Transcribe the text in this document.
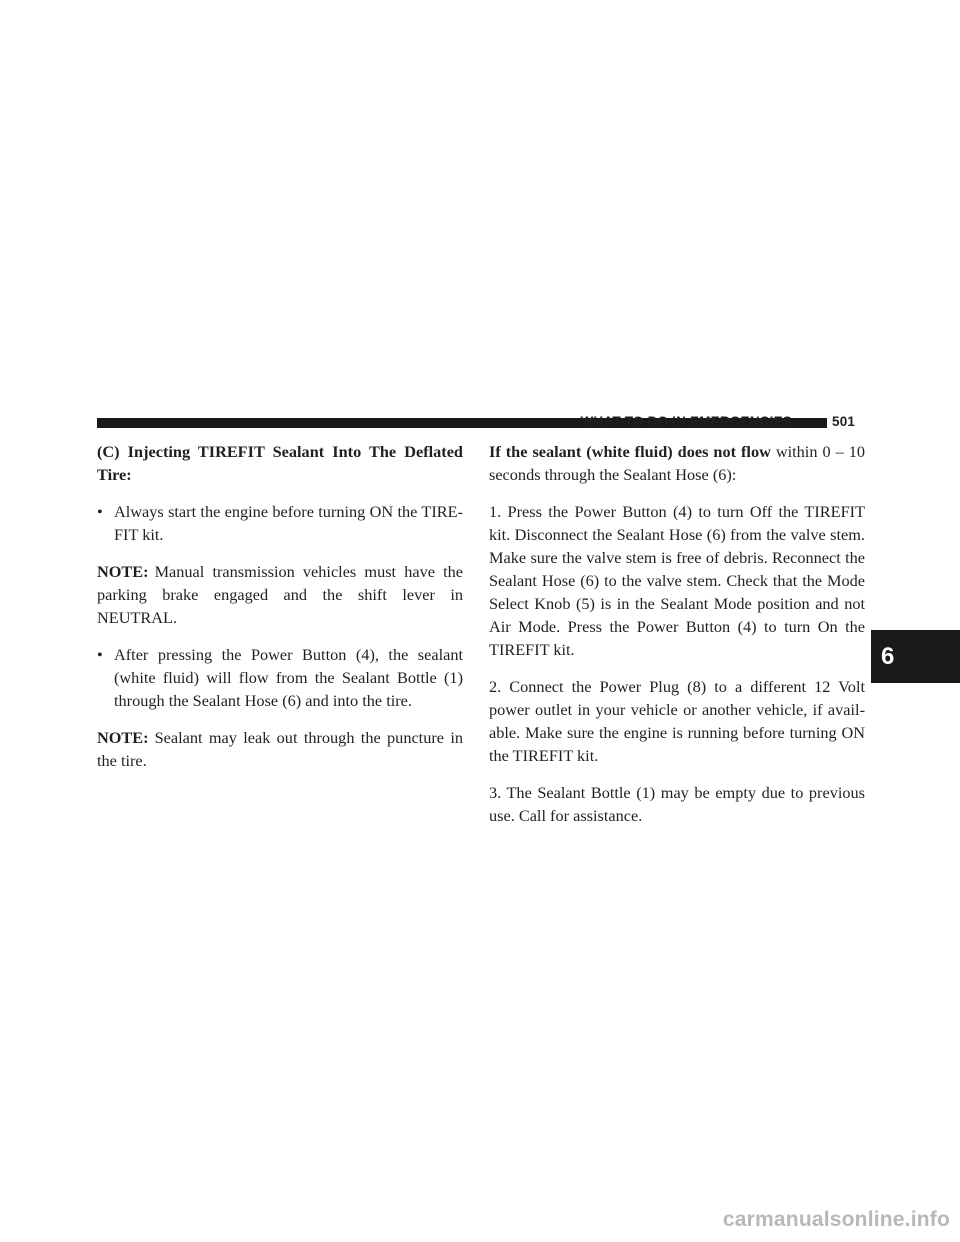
WHAT TO DO IN EMERGENCIES	501

(C) Injecting TIREFIT Sealant Into The Deflated Tire:

• Always start the engine before turning ON the TIRE-FIT kit.

NOTE: Manual transmission vehicles must have the parking brake engaged and the shift lever in NEUTRAL.

• After pressing the Power Button (4), the sealant (white fluid) will flow from the Sealant Bottle (1) through the Sealant Hose (6) and into the tire.

NOTE: Sealant may leak out through the puncture in the tire.

If the sealant (white fluid) does not flow within 0 – 10 seconds through the Sealant Hose (6):

1. Press the Power Button (4) to turn Off the TIREFIT kit. Disconnect the Sealant Hose (6) from the valve stem. Make sure the valve stem is free of debris. Reconnect the Sealant Hose (6) to the valve stem. Check that the Mode Select Knob (5) is in the Sealant Mode position and not Air Mode. Press the Power Button (4) to turn On the TIREFIT kit.

2. Connect the Power Plug (8) to a different 12 Volt power outlet in your vehicle or another vehicle, if avail-able. Make sure the engine is running before turning ON the TIREFIT kit.

3. The Sealant Bottle (1) may be empty due to previous use. Call for assistance.

6
carmanualsonline.info
